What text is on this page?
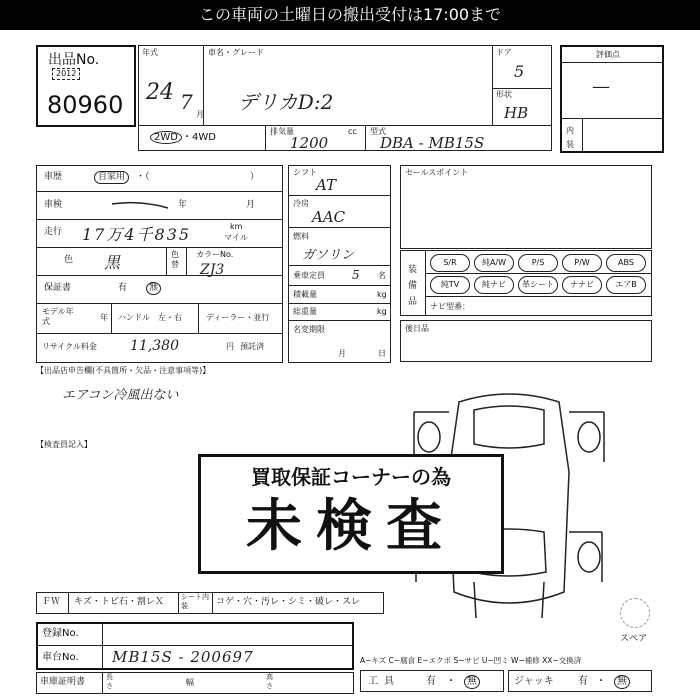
この車両の土曜日の搬出受付は17:00まで
出品No.
2012
80960
年式
24 7
月
車名・グレード
デリカD:2
ドア
5
形状
HB
2WD ・4WD
排気量	cc
1200
型式
DBA - MB15S
評価点
—
内装
車歴	自家用	・（	）
車検	年	月
走行 17万4千835	km
マイル
色 黒	色替
カラーNo.
ZJ3
保証書	有	無
モデル年式	年 ハンドル 左・右	ディーラー・並行
リサイクル料金 11,380	円 預託済
シフト
AT
冷房
AAC
燃料
ガソリン
乗車定員 5 名
積載量	kg
総重量	kg
名変期限
月	日
セールスポイント
装備品
S/R	純A/W	P/S	P/W	ABS
純TV	純ナビ	革シート	ナナビ	エアB
ナビ型番：
後日品
【出品店申告欄(不具箇所・欠品・注意事項等)】
エアコン冷風出ない
【検査員記入】
スペア
買取保証コーナーの為
未検査
ＦＷ キズ・トビ石・割レＸ シート内装	コゲ・穴・汚レ・シミ・破レ・スレ
登録No.
車台No. MB15S - 200697
車庫証明書	長さ	幅
高さ
A−キズ C−腐食 E−エクボ S−サビ U−凹ミ W−補修 XX−交換済
工具	有 ・	無	ジャッキ 有 ・	無
